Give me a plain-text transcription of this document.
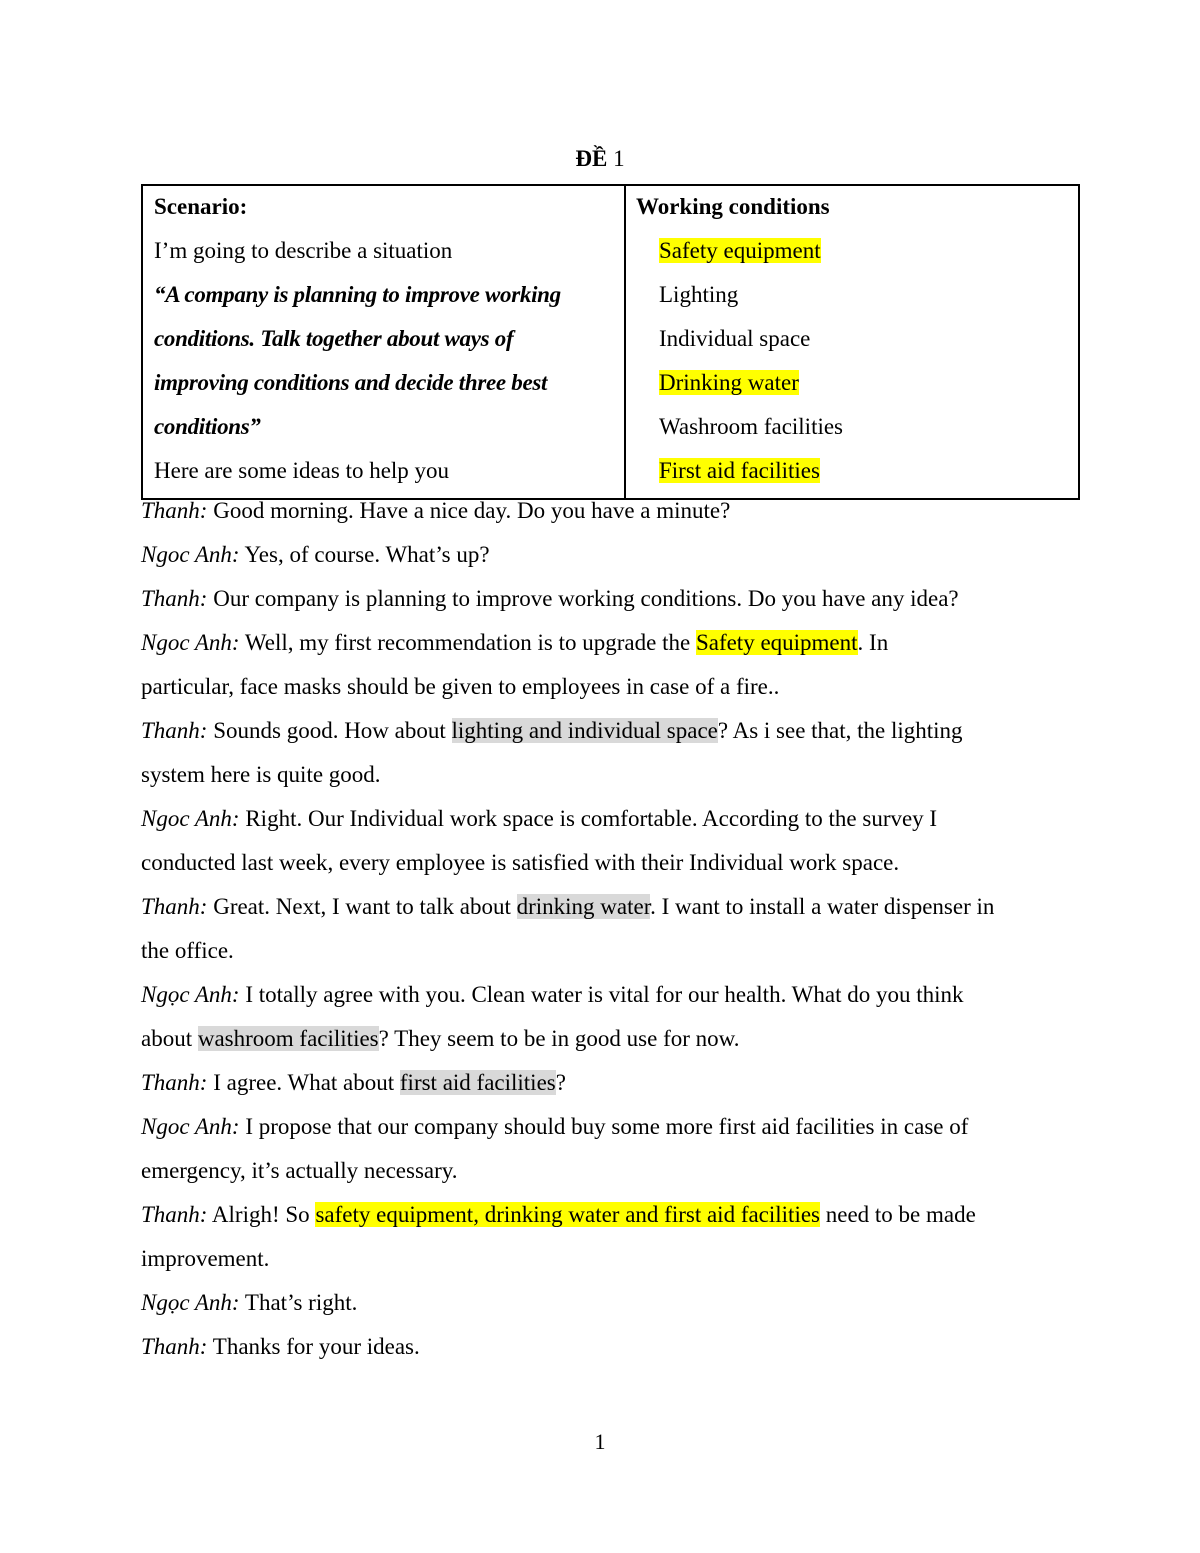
ĐỀ 1
Scenario:
I’m going to describe a situation
“A company is planning to improve working
conditions. Talk together about ways of
improving conditions and decide three best
conditions”
Here are some ideas to help you

Working conditions
Safety equipment
Lighting
Individual space
Drinking water
Washroom facilities
First aid facilities
Thanh: Good morning. Have a nice day. Do you have a minute?
Ngoc Anh: Yes, of course. What’s up?
Thanh: Our company is planning to improve working conditions. Do you have any idea?
Ngoc Anh: Well, my first recommendation is to upgrade the Safety equipment. In
particular, face masks should be given to employees in case of a fire..
Thanh: Sounds good. How about lighting and individual space? As i see that, the lighting
system here is quite good.
Ngoc Anh: Right. Our Individual work space is comfortable. According to the survey I
conducted last week, every employee is satisfied with their Individual work space.
Thanh: Great. Next, I want to talk about drinking water. I want to install a water dispenser in
the office.
Ngọc Anh: I totally agree with you. Clean water is vital for our health. What do you think
about washroom facilities? They seem to be in good use for now.
Thanh: I agree. What about first aid facilities?
Ngoc Anh: I propose that our company should buy some more first aid facilities in case of
emergency, it’s actually necessary.
Thanh: Alrigh! So safety equipment, drinking water and first aid facilities need to be made
improvement.
Ngọc Anh: That’s right.
Thanh: Thanks for your ideas.
1
